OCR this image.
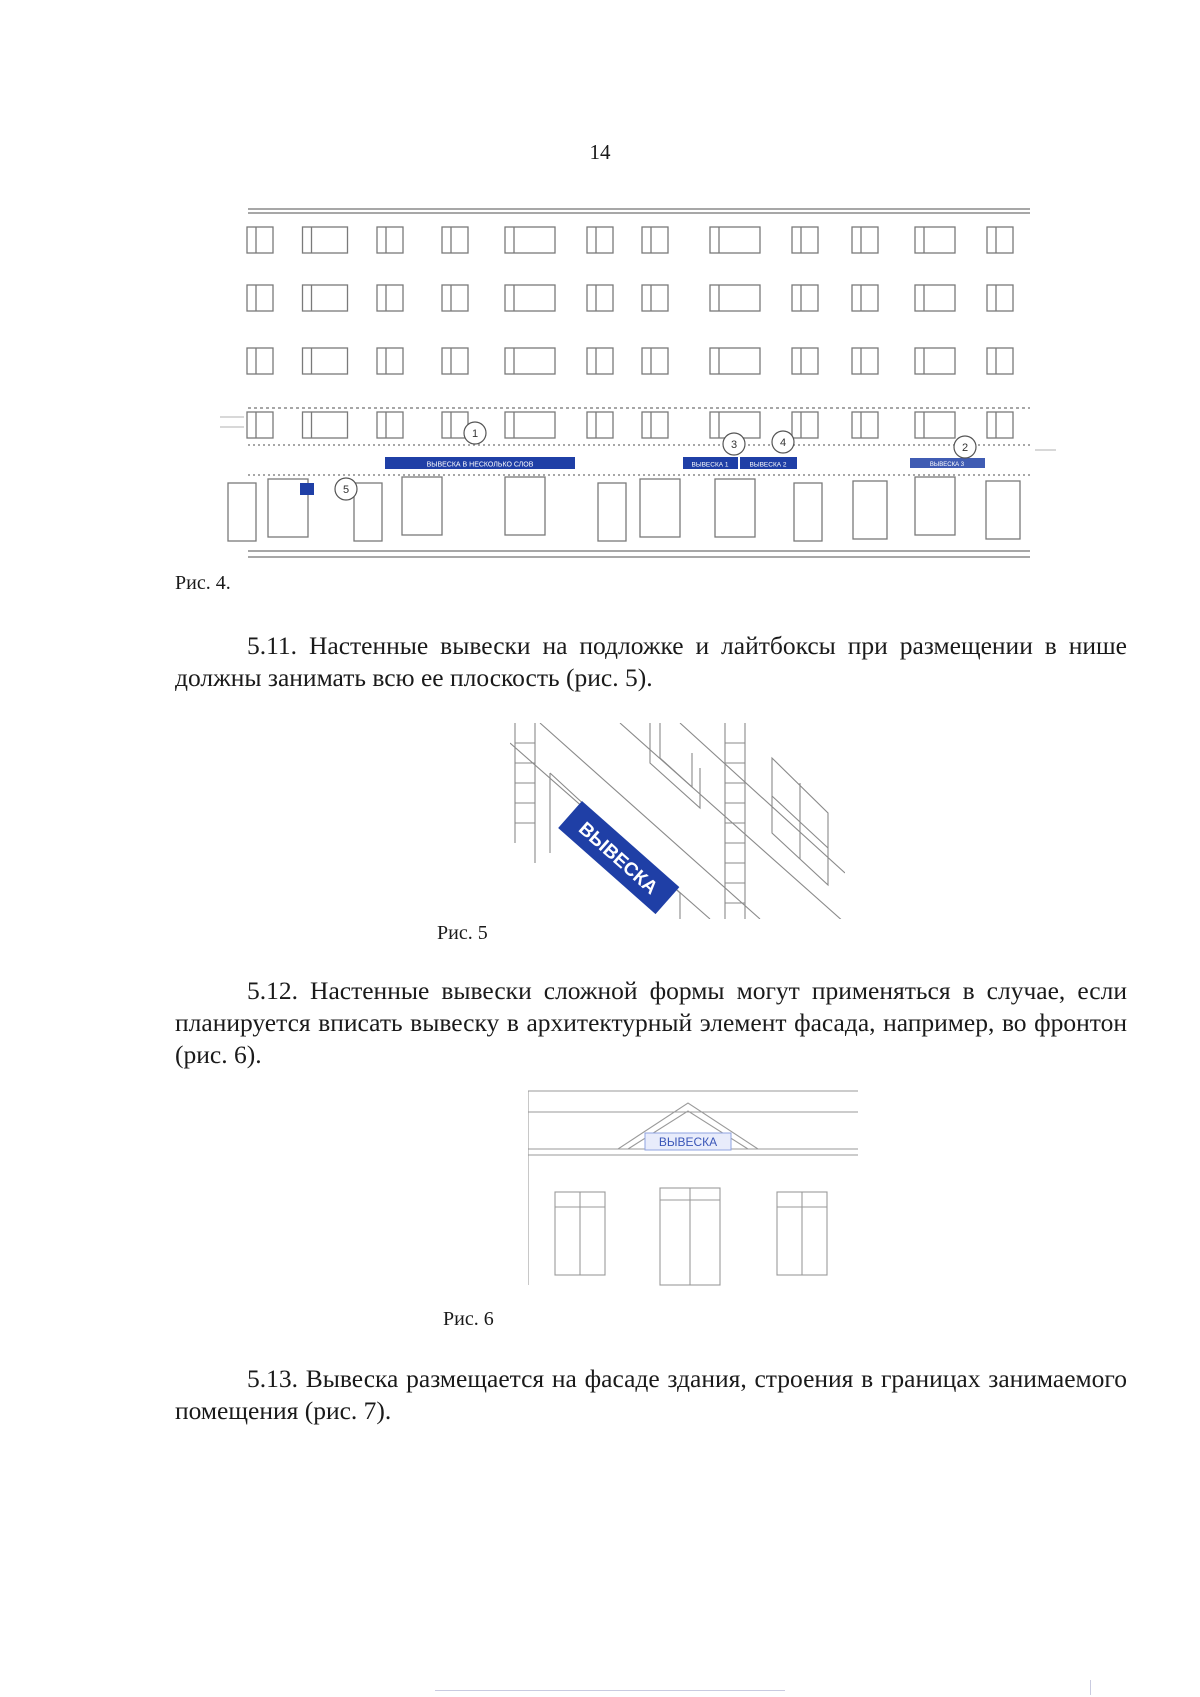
14
ВЫВЕСКА В НЕСКОЛЬКО СЛОВ	ВЫВЕСКА 1	ВЫВЕСКА 2	ВЫВЕСКА 3
1
3	4	2
5
Рис. 4.
5.11. Настенные вывески на подложке и лайтбоксы при размещении в нише должны занимать всю ее плоскость (рис. 5).
ВЫВЕСКА
Рис. 5
5.12. Настенные вывески сложной формы могут применяться в случае, если планируется вписать вывеску в архитектурный элемент фасада, например, во фронтон (рис. 6).
ВЫВЕСКА
Рис. 6
5.13. Вывеска размещается на фасаде здания, строения в границах занимаемого помещения (рис. 7).
